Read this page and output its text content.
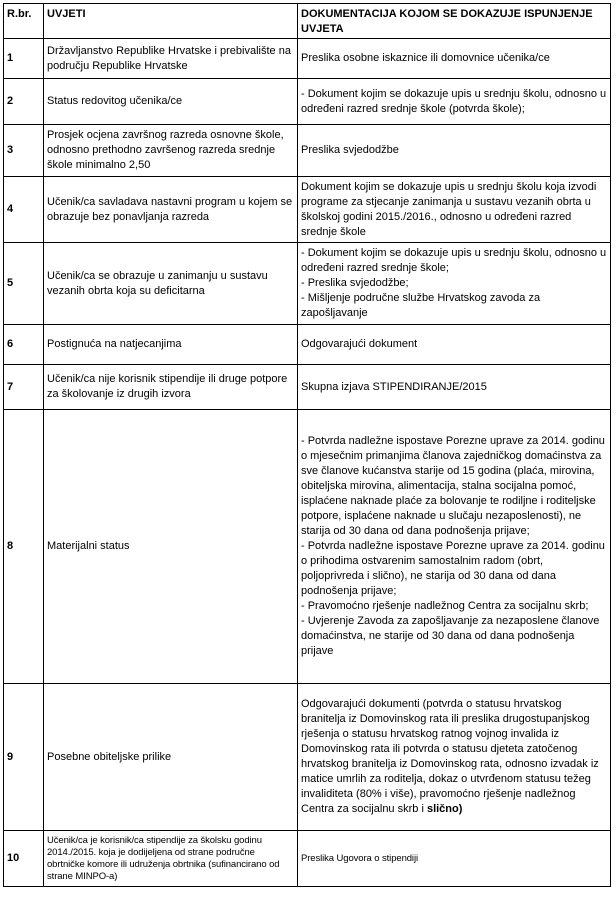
R.br.	UVJETI	DOKUMENTACIJA KOJOM SE DOKAZUJE ISPUNJENJE UVJETA
1	Državljanstvo Republike Hrvatske i prebivalište na području Republike Hrvatske	Preslika osobne iskaznice ili domovnice učenika/ce

2	Status redovitog učenika/ce	- Dokument kojim se dokazuje upis u srednju školu, odnosno u određeni razred srednje škole (potvrda škole);

3	Prosjek ocjena završnog razreda osnovne škole, odnosno prethodno završenog razreda srednje škole minimalno 2,50	Preslika svjedodžbe

4	Učenik/ca savladava nastavni program u kojem se obrazuje bez ponavljanja razreda	Dokument kojim se dokazuje upis u srednju školu koja izvodi programe za stjecanje zanimanja u sustavu vezanih obrta u školskoj godini 2015./2016., odnosno u određeni razred srednje škole

5	Učenik/ca se obrazuje u zanimanju u sustavu vezanih obrta koja su deficitarna	- Dokument kojim se dokazuje upis u srednju školu, odnosno u određeni razred srednje škole;
- Preslika svjedodžbe;
- Mišljenje područne službe Hrvatskog zavoda za zapošljavanje

6	Postignuća na natjecanjima	Odgovarajući dokument

7	Učenik/ca nije korisnik stipendije ili druge potpore za školovanje iz drugih izvora	Skupna izjava STIPENDIRANJE/2015

8	Materijalni status	- Potvrda nadležne ispostave Porezne uprave za 2014. godinu o mjesečnim primanjima članova zajedničkog domaćinstva za sve članove kućanstva starije od 15 godina (plaća, mirovina, obiteljska mirovina, alimentacija, stalna socijalna pomoć, isplaćene naknade plaće za bolovanje te rodiljne i roditeljske potpore, isplaćene naknade u slučaju nezaposlenosti), ne starija od 30 dana od dana podnošenja prijave;
- Potvrda nadležne ispostave Porezne uprave za 2014. godinu o prihodima ostvarenim samostalnim radom (obrt, poljoprivreda i slično), ne starija od 30 dana od dana podnošenja prijave;
- Pravomoćno rješenje nadležnog Centra za socijalnu skrb;
- Uvjerenje Zavoda za zapošljavanje za nezaposlene članove domaćinstva, ne starije od 30 dana od dana podnošenja prijave

9	Posebne obiteljske prilike	Odgovarajući dokumenti (potvrda o statusu hrvatskog branitelja iz Domovinskog rata ili preslika drugostupanjskog rješenja o statusu hrvatskog ratnog vojnog invalida iz Domovinskog rata ili potvrda o statusu djeteta zatočenog hrvatskog branitelja iz Domovinskog rata, odnosno izvadak iz matice umrlih za roditelja, dokaz o utvrđenom statusu težeg invaliditeta (80% i više), pravomoćno rješenje nadležnog Centra za socijalnu skrb i slično)
10	Učenik/ca je korisnik/ca stipendije za školsku godinu 2014./2015. koja je dodijeljena od strane područne obrtničke komore ili udruženja obrtnika (sufinancirano od strane MINPO-a)	Preslika Ugovora o stipendiji
